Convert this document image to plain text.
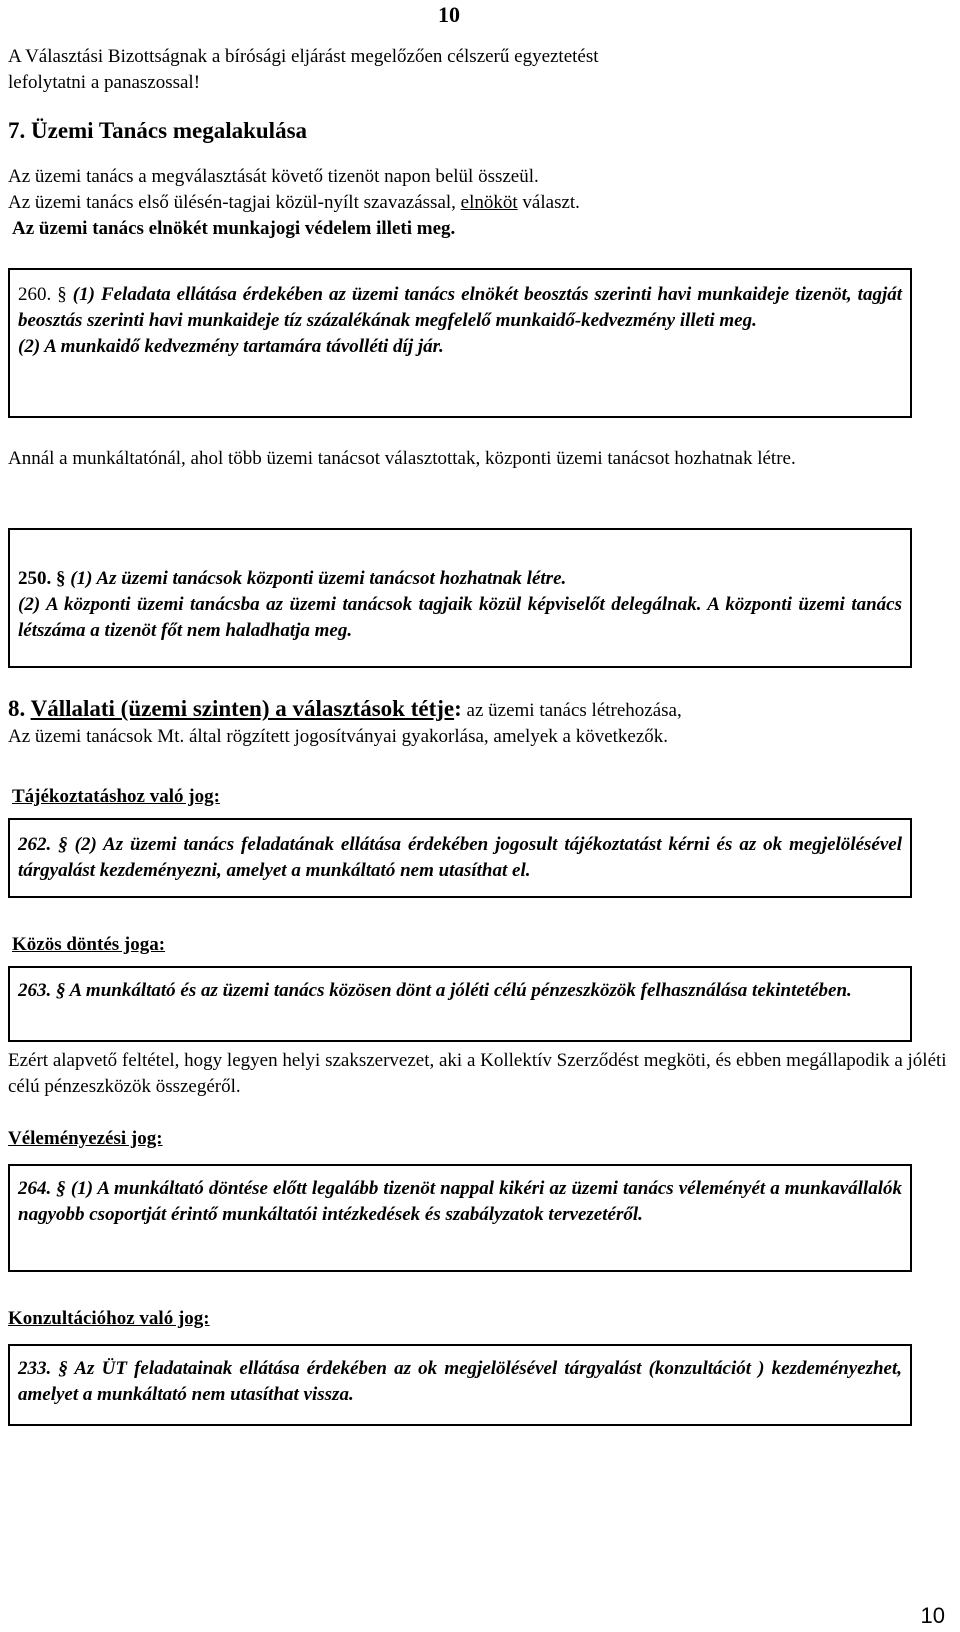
10
A Választási Bizottságnak a bírósági eljárást megelőzően célszerű egyeztetést
lefolytatni a panaszossal!
7. Üzemi Tanács megalakulása
Az üzemi tanács a megválasztását követő tizenöt napon belül összeül.
Az üzemi tanács első ülésén-tagjai közül-nyílt szavazással, elnököt választ.
Az üzemi tanács elnökét munkajogi védelem illeti meg.
260. § (1) Feladata ellátása érdekében az üzemi tanács elnökét beosztás szerinti havi munkaideje tizenöt, tagját beosztás szerinti havi munkaideje tíz százalékának megfelelő munkaidő-kedvezmény illeti meg.
(2) A munkaidő kedvezmény tartamára távolléti díj jár.
Annál a munkáltatónál, ahol több üzemi tanácsot választottak, központi üzemi tanácsot hozhatnak létre.
250. § (1) Az üzemi tanácsok központi üzemi tanácsot hozhatnak létre.
(2) A központi üzemi tanácsba az üzemi tanácsok tagjaik közül képviselőt delegálnak. A központi üzemi tanács létszáma a tizenöt főt nem haladhatja meg.
8. Vállalati (üzemi szinten) a választások tétje: az üzemi tanács létrehozása,
Az üzemi tanácsok Mt. által rögzített jogosítványai gyakorlása, amelyek a következők.
Tájékoztatáshoz való jog:
262. § (2) Az üzemi tanács feladatának ellátása érdekében jogosult tájékoztatást kérni és az ok megjelölésével tárgyalást kezdeményezni, amelyet a munkáltató nem utasíthat el.
Közös döntés joga:
263. § A munkáltató és az üzemi tanács közösen dönt a jóléti célú pénzeszközök felhasználása tekintetében.
Ezért alapvető feltétel, hogy legyen helyi szakszervezet, aki a Kollektív Szerződést megköti, és ebben megállapodik a jóléti célú pénzeszközök összegéről.
Véleményezési jog:
264. § (1) A munkáltató döntése előtt legalább tizenöt nappal kikéri az üzemi tanács véleményét a munkavállalók nagyobb csoportját érintő munkáltatói intézkedések és szabályzatok tervezetéről.
Konzultációhoz való jog:
233. § Az ÜT feladatainak ellátása érdekében az ok megjelölésével tárgyalást (konzultációt ) kezdeményezhet, amelyet a munkáltató nem utasíthat vissza.
10
